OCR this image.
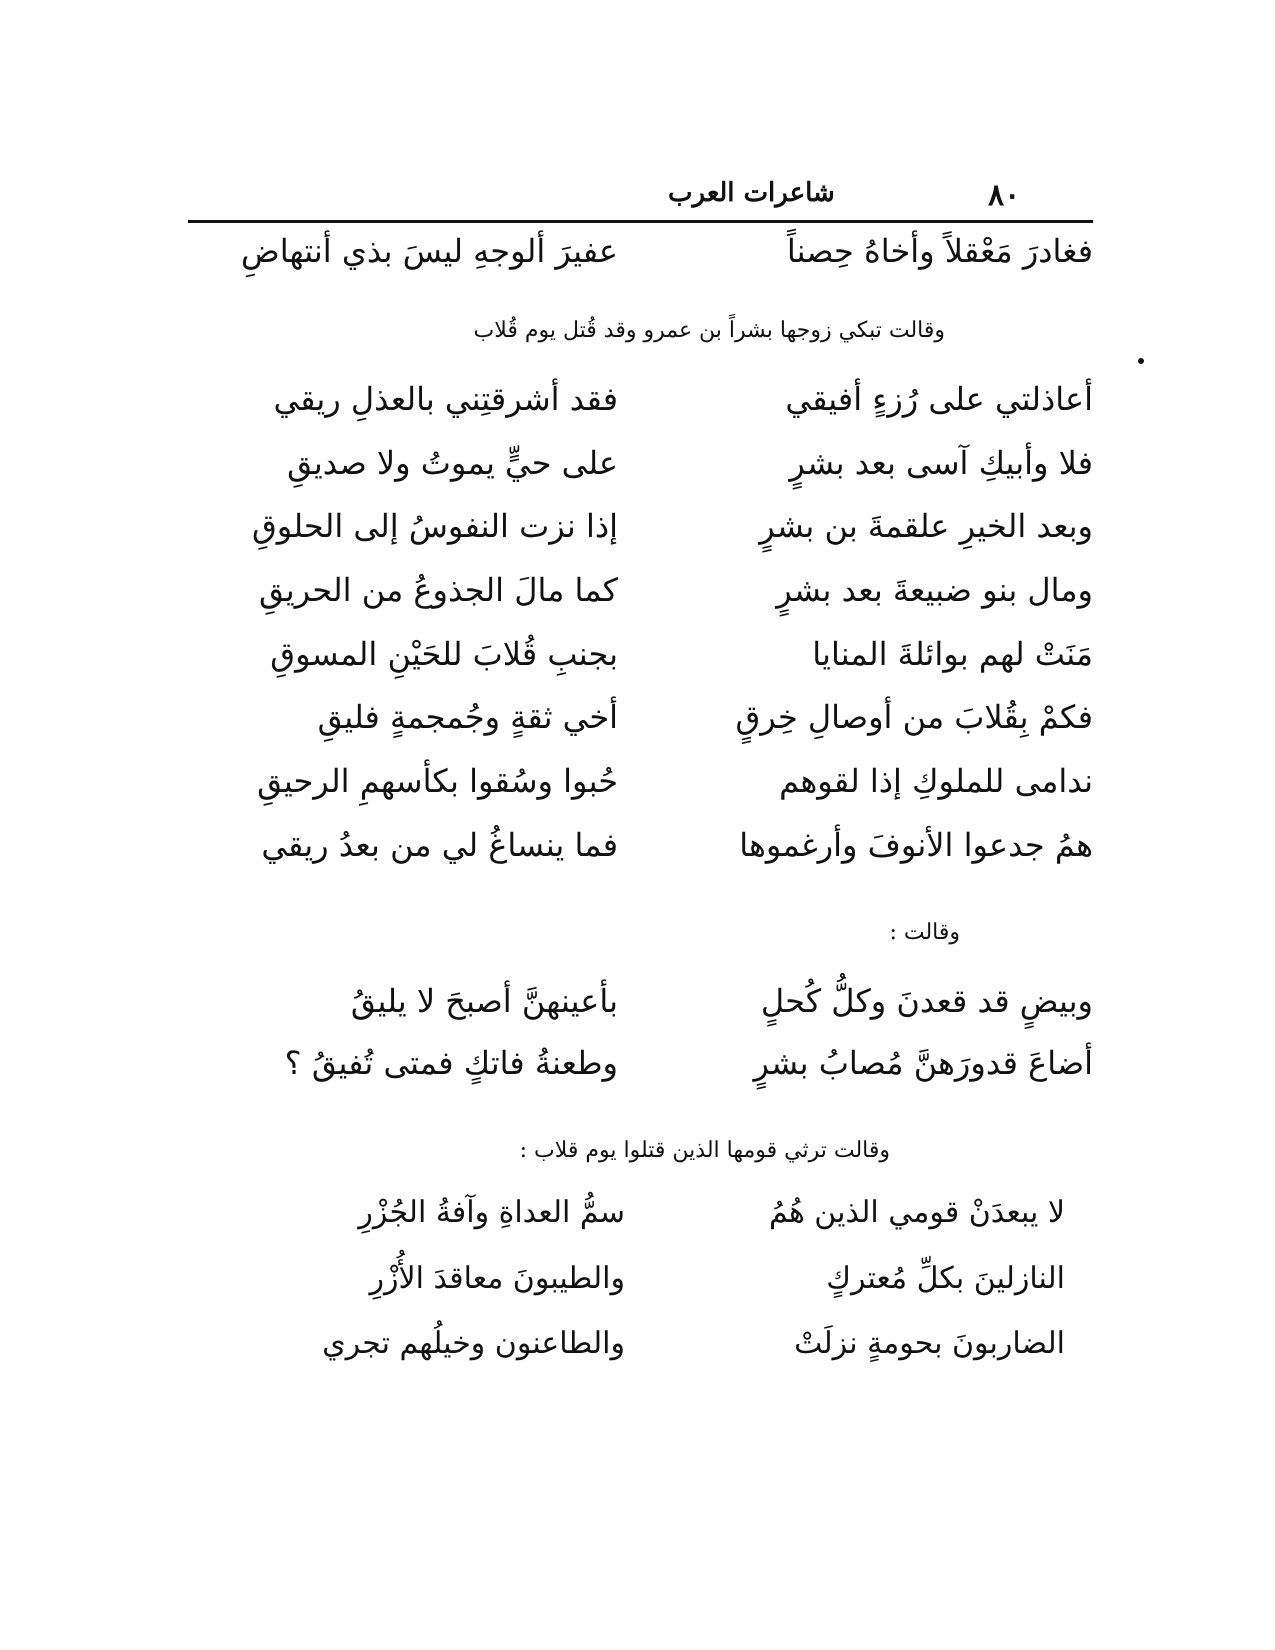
٨٠
شاعرات العرب
فغادرَ مَعْقلاً وأخاهُ حِصناً
عفيرَ ألوجهِ ليسَ بذي أنتهاضِ
وقالت تبكي زوجها بشراً بن عمرو وقد قُتل يوم قُلاب
أعاذلتي على رُزءٍ أفيقي
فقد أشرقتِني بالعذلِ ريقي
فلا وأبيكِ آسى بعد بشرٍ
على حيٍّ يموتُ ولا صديقِ
وبعد الخيرِ علقمةَ بن بشرٍ
إذا نزت النفوسُ إلى الحلوقِ
ومال بنو ضبيعةَ بعد بشرٍ
كما مالَ الجذوعُ من الحريقِ
مَنَتْ لهم بوائلةَ المنايا
بجنبِ قُلابَ للحَيْنِ المسوقِ
فكمْ بِقُلابَ من أوصالِ خِرقٍ
أخي ثقةٍ وجُمجمةٍ فليقِ
ندامى للملوكِ إذا لقوهم
حُبوا وسُقوا بكأسهمِ الرحيقِ
همُ جدعوا الأنوفَ وأرغموها
فما ينساغُ لي من بعدُ ريقي
وقالت :
وبيضٍ قد قعدنَ وكلُّ كُحلٍ
بأعينهنَّ أصبحَ لا يليقُ
أضاعَ قدورَهنَّ مُصابُ بشرٍ
وطعنةُ فاتكٍ فمتى تُفيقُ ؟
وقالت ترثي قومها الذين قتلوا يوم قلاب :
لا يبعدَنْ قومي الذين هُمُ
سمُّ العداةِ وآفةُ الجُزْرِ
النازلينَ بكلِّ مُعتركٍ
والطيبونَ معاقدَ الأُزْرِ
الضاربونَ بحومةٍ نزلَتْ
والطاعنون وخيلُهم تجري
